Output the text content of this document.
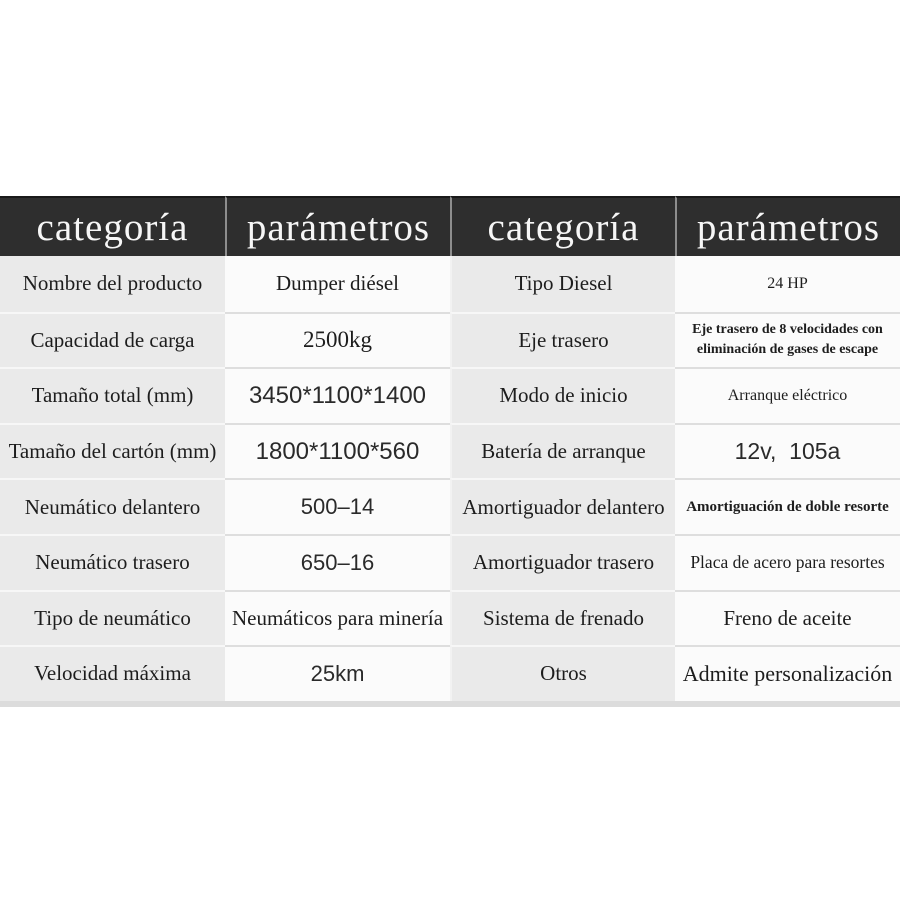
categoría	parámetros	categoría	parámetros
Nombre del producto	Dumper diésel	Tipo Diesel	24 HP
Capacidad de carga	2500kg	Eje trasero	Eje trasero de 8 velocidades con eliminación de gases de escape
Tamaño total (mm)	3450*1100*1400	Modo de inicio	Arranque eléctrico
Tamaño del cartón (mm)	1800*1100*560	Batería de arranque	12v,  105a
Neumático delantero	500–14	Amortiguador delantero	Amortiguación de doble resorte
Neumático trasero	650–16	Amortiguador trasero	Placa de acero para resortes
Tipo de neumático	Neumáticos para minería	Sistema de frenado	Freno de aceite
Velocidad máxima	25km	Otros	Admite personalización
